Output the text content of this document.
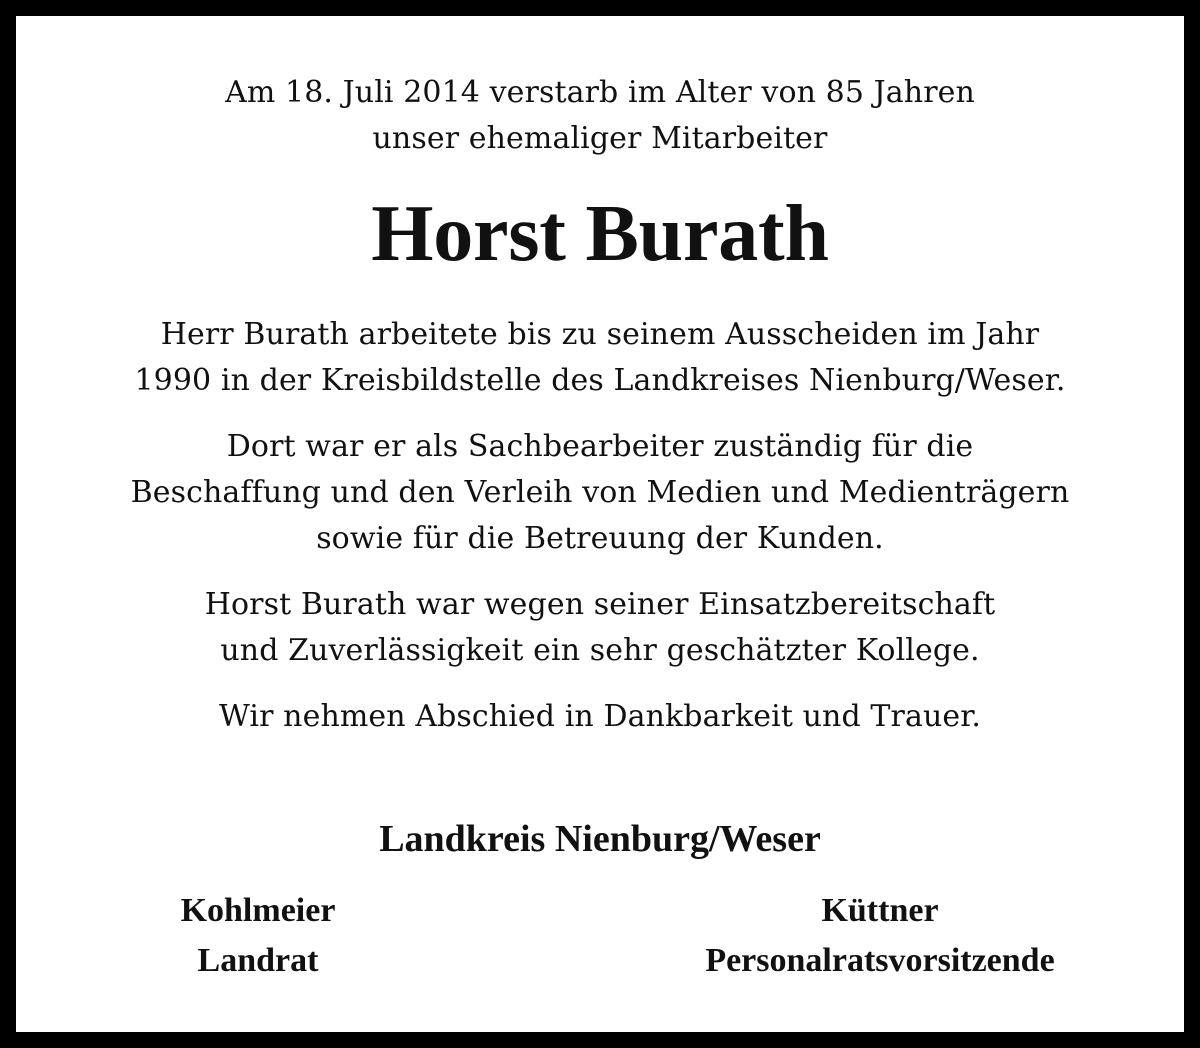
Am 18. Juli 2014 verstarb im Alter von 85 Jahren
unser ehemaliger Mitarbeiter
Horst Burath
Herr Burath arbeitete bis zu seinem Ausscheiden im Jahr
1990 in der Kreisbildstelle des Landkreises Nienburg/Weser.
Dort war er als Sachbearbeiter zuständig für die
Beschaffung und den Verleih von Medien und Medienträgern
sowie für die Betreuung der Kunden.
Horst Burath war wegen seiner Einsatzbereitschaft
und Zuverlässigkeit ein sehr geschätzter Kollege.
Wir nehmen Abschied in Dankbarkeit und Trauer.
Landkreis Nienburg/Weser
Kohlmeier
Landrat
Küttner
Personalratsvorsitzende
